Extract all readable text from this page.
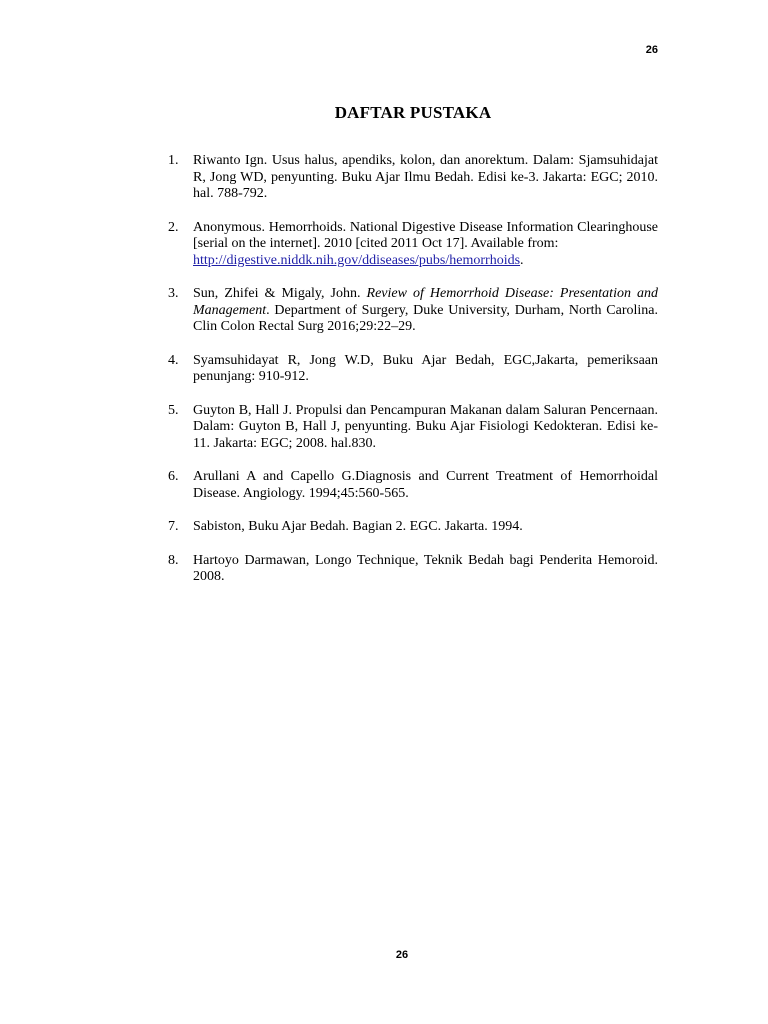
26
DAFTAR PUSTAKA
1. Riwanto Ign. Usus halus, apendiks, kolon, dan anorektum. Dalam: Sjamsuhidajat R, Jong WD, penyunting. Buku Ajar Ilmu Bedah. Edisi ke-3. Jakarta: EGC; 2010. hal. 788-792.
2. Anonymous. Hemorrhoids. National Digestive Disease Information Clearinghouse [serial on the internet]. 2010 [cited 2011 Oct 17]. Available from:
http://digestive.niddk.nih.gov/ddiseases/pubs/hemorrhoids.
3. Sun, Zhifei & Migaly, John. Review of Hemorrhoid Disease: Presentation and Management. Department of Surgery, Duke University, Durham, North Carolina. Clin Colon Rectal Surg 2016;29:22–29.
4. Syamsuhidayat R, Jong W.D, Buku Ajar Bedah, EGC,Jakarta, pemeriksaan penunjang: 910-912.
5. Guyton B, Hall J. Propulsi dan Pencampuran Makanan dalam Saluran Pencernaan. Dalam: Guyton B, Hall J, penyunting. Buku Ajar Fisiologi Kedokteran. Edisi ke-11. Jakarta: EGC; 2008. hal.830.
6. Arullani A and Capello G.Diagnosis and Current Treatment of Hemorrhoidal Disease. Angiology. 1994;45:560-565.
7. Sabiston, Buku Ajar Bedah. Bagian 2. EGC. Jakarta. 1994.
8. Hartoyo Darmawan, Longo Technique, Teknik Bedah bagi Penderita Hemoroid. 2008.
26
